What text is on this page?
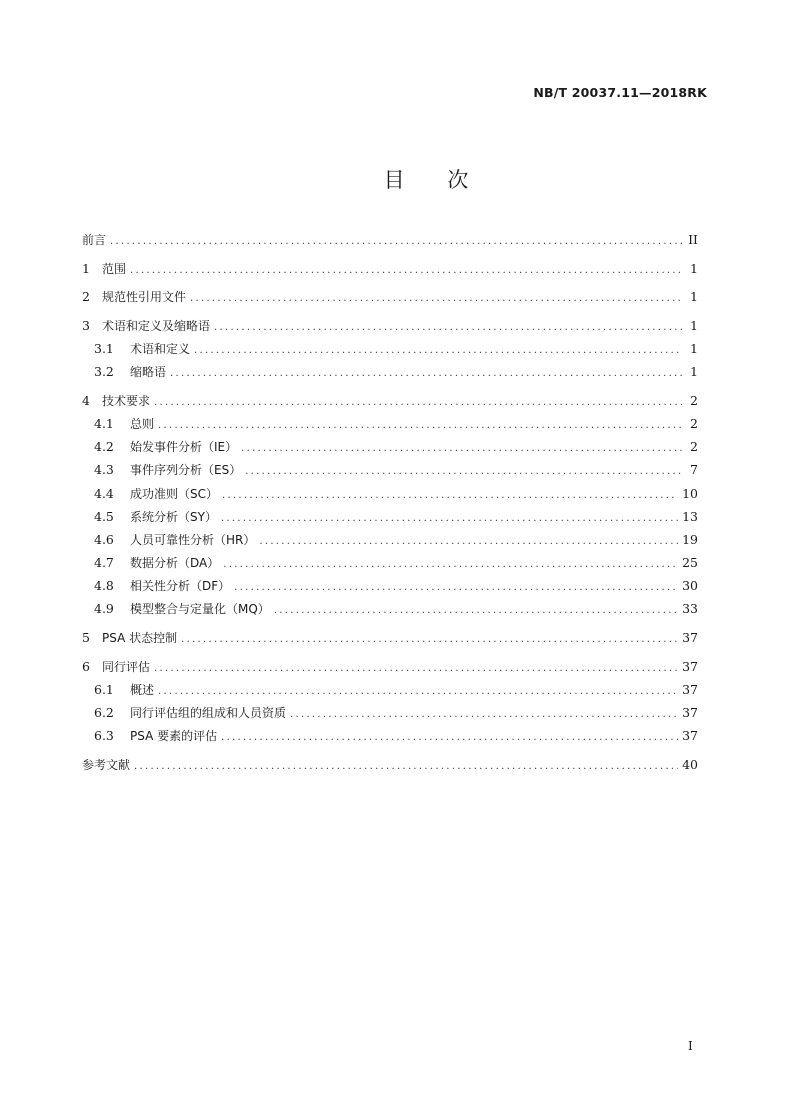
NB/T 20037.11—2018RK
目 次
前言 .....	II
1	范围 .....	1
2	规范性引用文件 .....	1
3	术语和定义及缩略语 .....	1
3.1	术语和定义 .....	1
3.2	缩略语 .....	1
4	技术要求 .....	2
4.1	总则 .....	2
4.2	始发事件分析（IE） .....	2
4.3	事件序列分析（ES） .....	7
4.4	成功准则（SC） .....	10
4.5	系统分析（SY） .....	13
4.6	人员可靠性分析（HR） .....	19
4.7	数据分析（DA） .....	25
4.8	相关性分析（DF） .....	30
4.9	模型整合与定量化（MQ） .....	33
5	PSA 状态控制 .....	37
6	同行评估 .....	37
6.1	概述 .....	37
6.2	同行评估组的组成和人员资质 .....	37
6.3	PSA 要素的评估 .....	37
参考文献 .....	40
I
